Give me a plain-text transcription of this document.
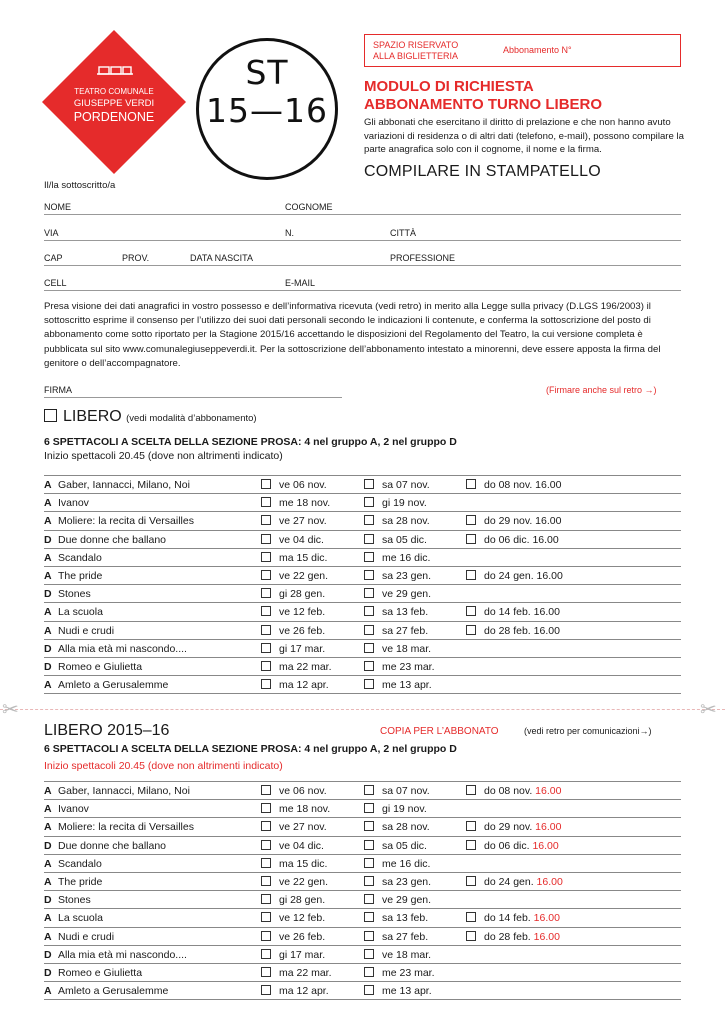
TEATRO COMUNALE
GIUSEPPE VERDI
PORDENONE
ST
15—16
SPAZIO RISERVATO
ALLA BIGLIETTERIA
Abbonamento N°
MODULO DI RICHIESTA
ABBONAMENTO TURNO LIBERO
Gli abbonati che esercitano il diritto di prelazione e che non hanno avuto variazioni di residenza o di altri dati (telefono, e-mail), possono compilare la parte anagrafica solo con il cognome, il nome e la firma.
COMPILARE IN STAMPATELLO
Il/la sottoscritto/a
NOME	COGNOME
VIA	N.	CITTÀ
CAP	PROV.	DATA NASCITA	PROFESSIONE
CELL	E-MAIL
Presa visione dei dati anagrafici in vostro possesso e dell’informativa ricevuta (vedi retro) in merito alla Legge sulla privacy (D.LGS 196/2003) il sottoscritto esprime il consenso per l’utilizzo dei suoi dati personali secondo le indicazioni li contenute, e conferma la sottoscrizione del posto di abbonamento come sotto riportato per la Stagione 2015/16 accettando le disposizioni del Regolamento del Teatro, la cui versione completa è pubblicata sul sito www.comunalegiuseppeverdi.it. Per la sottoscrizione dell’abbonamento intestato a minorenni, deve essere apposta la firma del genitore o dell’accompagnatore.
FIRMA	(Firmare anche sul retro →)
LIBERO (vedi modalità d’abbonamento)
6 SPETTACOLI A SCELTA DELLA SEZIONE PROSA: 4 nel gruppo A, 2 nel gruppo D
Inizio spettacoli 20.45 (dove non altrimenti indicato)
A Gaber, Iannacci, Milano, Noi	ve 06 nov.	sa 07 nov.	do 08 nov. 16.00
A Ivanov	me 18 nov.	gi 19 nov.
A Moliere: la recita di Versailles	ve 27 nov.	sa 28 nov.	do 29 nov. 16.00
D Due donne che ballano	ve 04 dic.	sa 05 dic.	do 06 dic. 16.00
A Scandalo	ma 15 dic.	me 16 dic.
A The pride	ve 22 gen.	sa 23 gen.	do 24 gen. 16.00
D Stones	gi 28 gen.	ve 29 gen.
A La scuola	ve 12 feb.	sa 13 feb.	do 14 feb. 16.00
A Nudi e crudi	ve 26 feb.	sa 27 feb.	do 28 feb. 16.00
D Alla mia età mi nascondo....	gi 17 mar.	ve 18 mar.
D Romeo e Giulietta	ma 22 mar.	me 23 mar.
A Amleto a Gerusalemme	ma 12 apr.	me 13 apr.
✂	✂
LIBERO 2015–16	COPIA PER L’ABBONATO	(vedi retro per comunicazioni→)
6 SPETTACOLI A SCELTA DELLA SEZIONE PROSA: 4 nel gruppo A, 2 nel gruppo D
Inizio spettacoli 20.45 (dove non altrimenti indicato)
A Gaber, Iannacci, Milano, Noi	ve 06 nov.	sa 07 nov.	do 08 nov. 16.00
A Ivanov	me 18 nov.	gi 19 nov.
A Moliere: la recita di Versailles	ve 27 nov.	sa 28 nov.	do 29 nov. 16.00
D Due donne che ballano	ve 04 dic.	sa 05 dic.	do 06 dic. 16.00
A Scandalo	ma 15 dic.	me 16 dic.
A The pride	ve 22 gen.	sa 23 gen.	do 24 gen. 16.00
D Stones	gi 28 gen.	ve 29 gen.
A La scuola	ve 12 feb.	sa 13 feb.	do 14 feb. 16.00
A Nudi e crudi	ve 26 feb.	sa 27 feb.	do 28 feb. 16.00
D Alla mia età mi nascondo....	gi 17 mar.	ve 18 mar.
D Romeo e Giulietta	ma 22 mar.	me 23 mar.
A Amleto a Gerusalemme	ma 12 apr.	me 13 apr.
